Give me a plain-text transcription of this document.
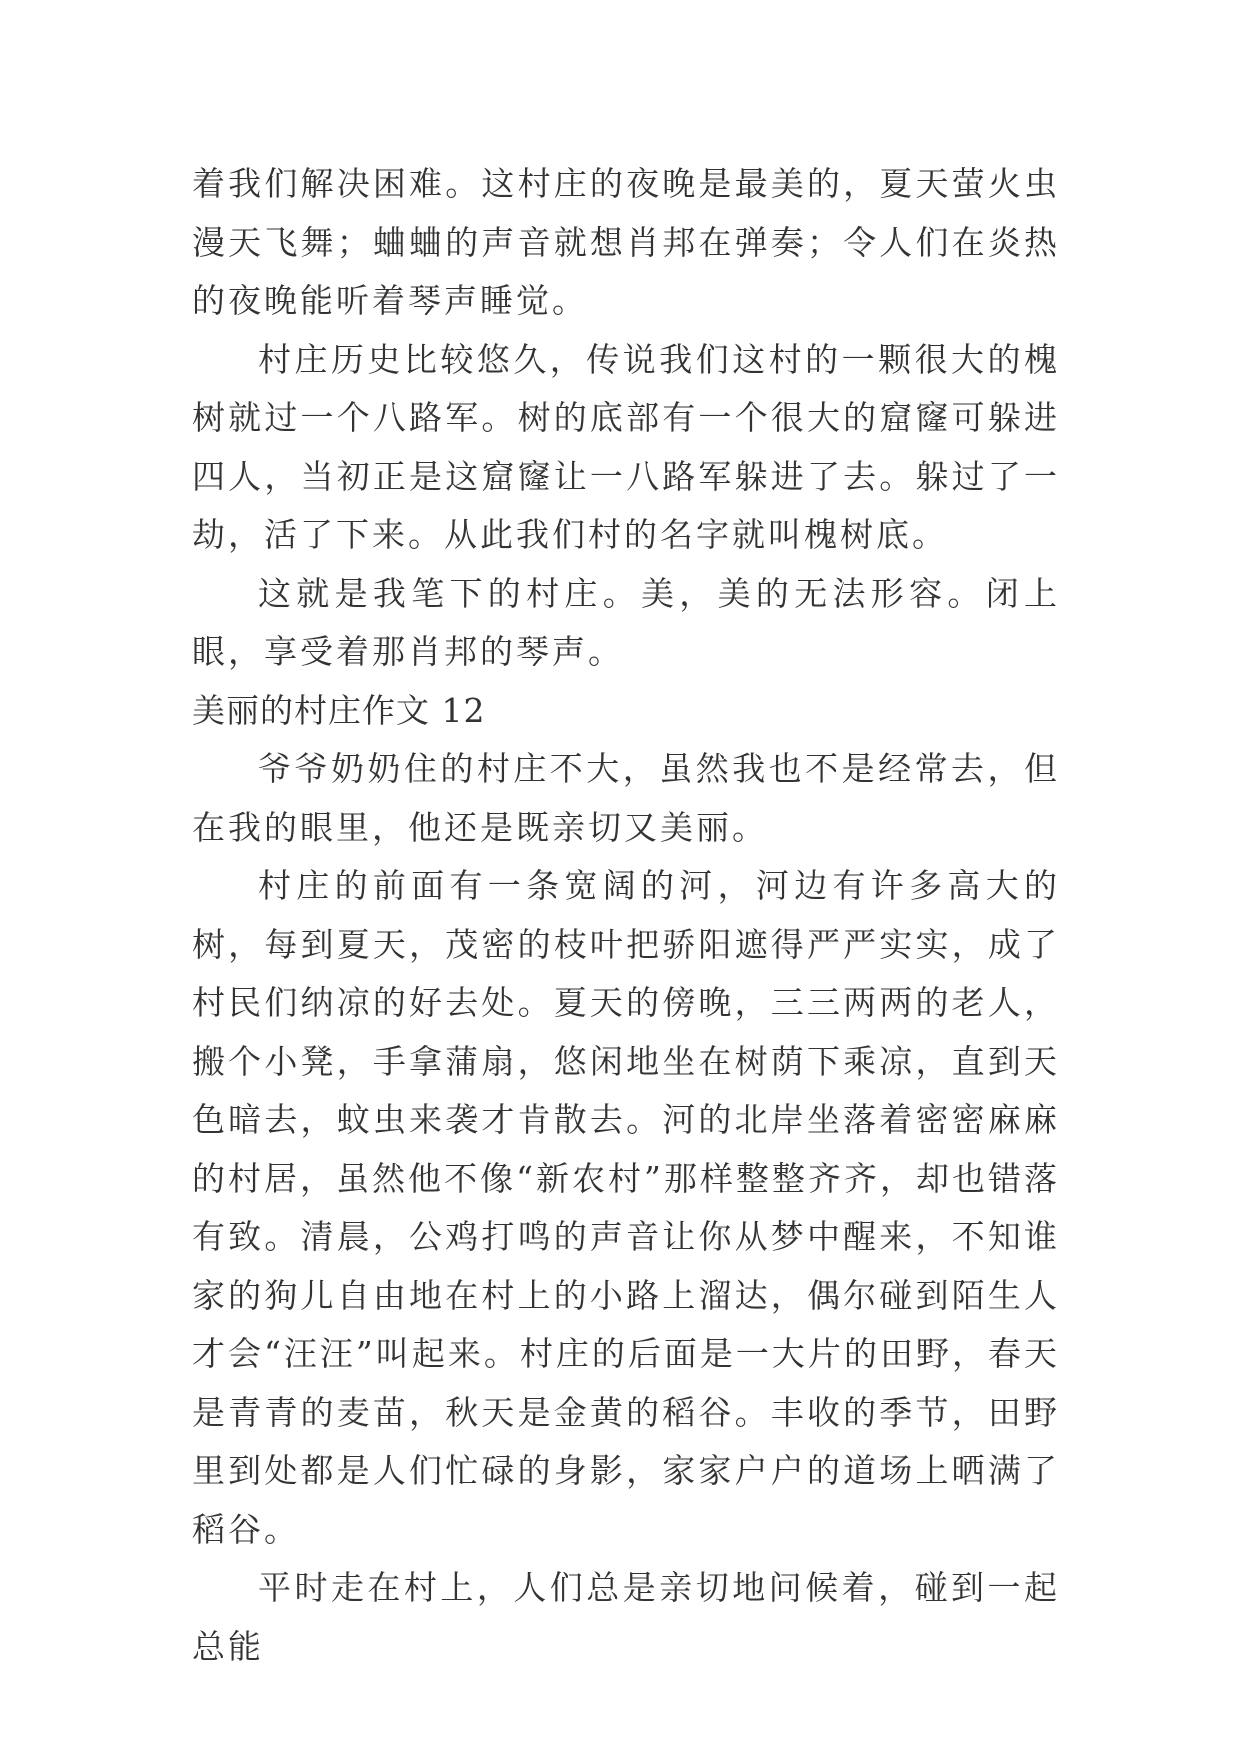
着我们解决困难。这村庄的夜晚是最美的，夏天萤火虫漫天飞舞；蛐蛐的声音就想肖邦在弹奏；令人们在炎热的夜晚能听着琴声睡觉。

村庄历史比较悠久，传说我们这村的一颗很大的槐树就过一个八路军。树的底部有一个很大的窟窿可躲进四人，当初正是这窟窿让一八路军躲进了去。躲过了一劫，活了下来。从此我们村的名字就叫槐树底。

这就是我笔下的村庄。美，美的无法形容。闭上眼，享受着那肖邦的琴声。

美丽的村庄作文 12

爷爷奶奶住的村庄不大，虽然我也不是经常去，但在我的眼里，他还是既亲切又美丽。

村庄的前面有一条宽阔的河，河边有许多高大的树，每到夏天，茂密的枝叶把骄阳遮得严严实实，成了村民们纳凉的好去处。夏天的傍晚，三三两两的老人，搬个小凳，手拿蒲扇，悠闲地坐在树荫下乘凉，直到天色暗去，蚊虫来袭才肯散去。河的北岸坐落着密密麻麻的村居，虽然他不像“新农村”那样整整齐齐，却也错落有致。清晨，公鸡打鸣的声音让你从梦中醒来，不知谁家的狗儿自由地在村上的小路上溜达，偶尔碰到陌生人才会“汪汪”叫起来。村庄的后面是一大片的田野，春天是青青的麦苗，秋天是金黄的稻谷。丰收的季节，田野里到处都是人们忙碌的身影，家家户户的道场上晒满了稻谷。

平时走在村上，人们总是亲切地问候着，碰到一起总能
